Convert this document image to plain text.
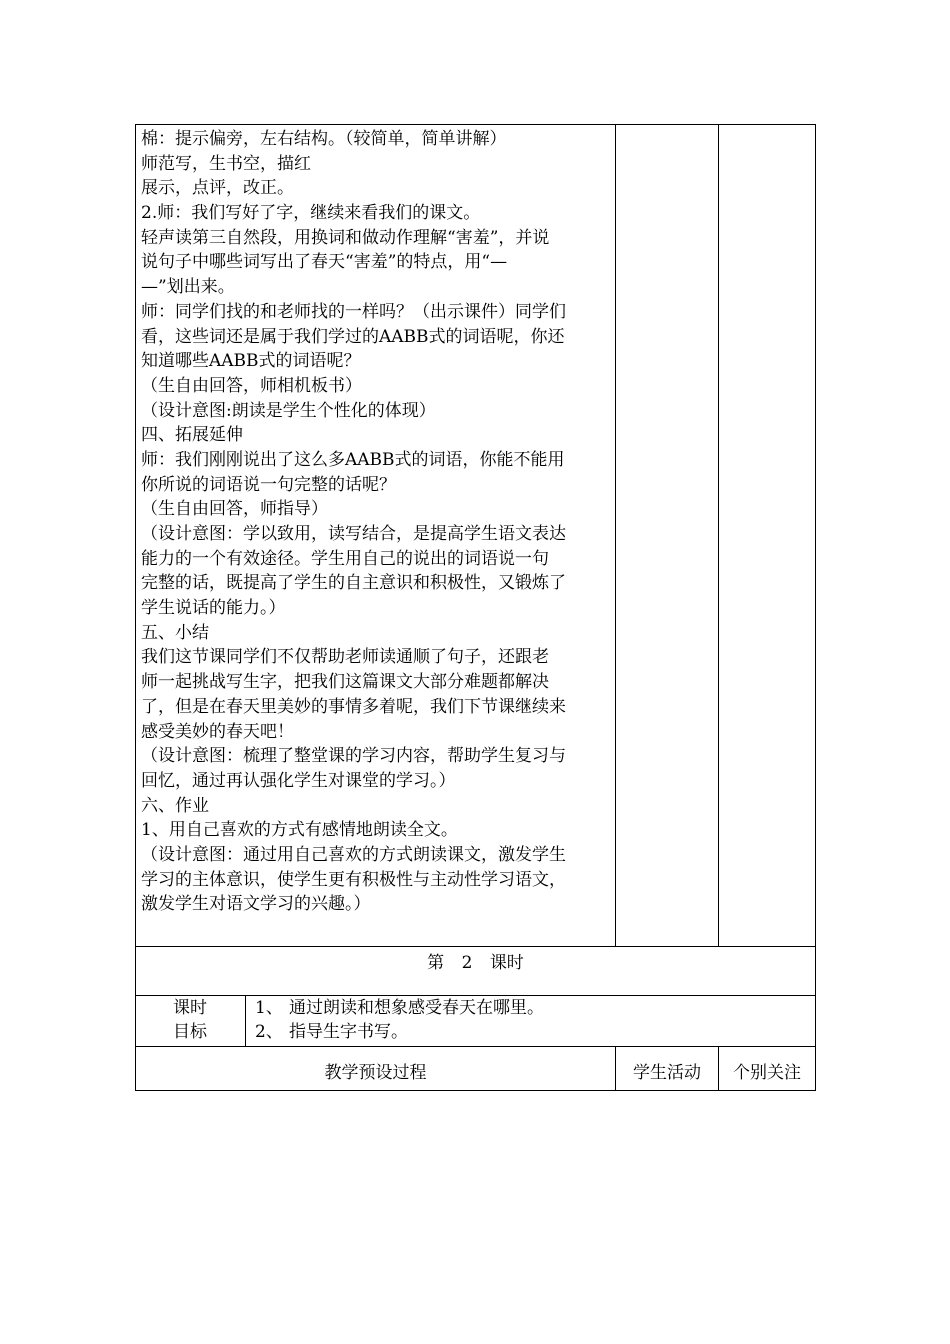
棉：提示偏旁，左右结构。（较简单，简单讲解）
师范写，生书空，描红
展示，点评，改正。
2.师：我们写好了字，继续来看我们的课文。
轻声读第三自然段，用换词和做动作理解“害羞”，并说
说句子中哪些词写出了春天“害羞”的特点，用“—
—”划出来。
师：同学们找的和老师找的一样吗？（出示课件）同学们
看，这些词还是属于我们学过的AABB式的词语呢，你还
知道哪些AABB式的词语呢？
（生自由回答，师相机板书）
（设计意图:朗读是学生个性化的体现）
四、拓展延伸
师：我们刚刚说出了这么多AABB式的词语，你能不能用
你所说的词语说一句完整的话呢？
（生自由回答，师指导）
（设计意图：学以致用，读写结合，是提高学生语文表达
能力的一个有效途径。学生用自己的说出的词语说一句
完整的话，既提高了学生的自主意识和积极性，又锻炼了
学生说话的能力。）
五、小结
我们这节课同学们不仅帮助老师读通顺了句子，还跟老
师一起挑战写生字，把我们这篇课文大部分难题都解决
了，但是在春天里美妙的事情多着呢，我们下节课继续来
感受美妙的春天吧！
（设计意图：梳理了整堂课的学习内容，帮助学生复习与
回忆，通过再认强化学生对课堂的学习。）
六、作业
1、用自己喜欢的方式有感情地朗读全文。
（设计意图：通过用自己喜欢的方式朗读课文，激发学生
学习的主体意识，使学生更有积极性与主动性学习语文，
激发学生对语文学习的兴趣。）
第 2 课时
课时
目标
1、 通过朗读和想象感受春天在哪里。
2、 指导生字书写。
教学预设过程	学生活动	个别关注
